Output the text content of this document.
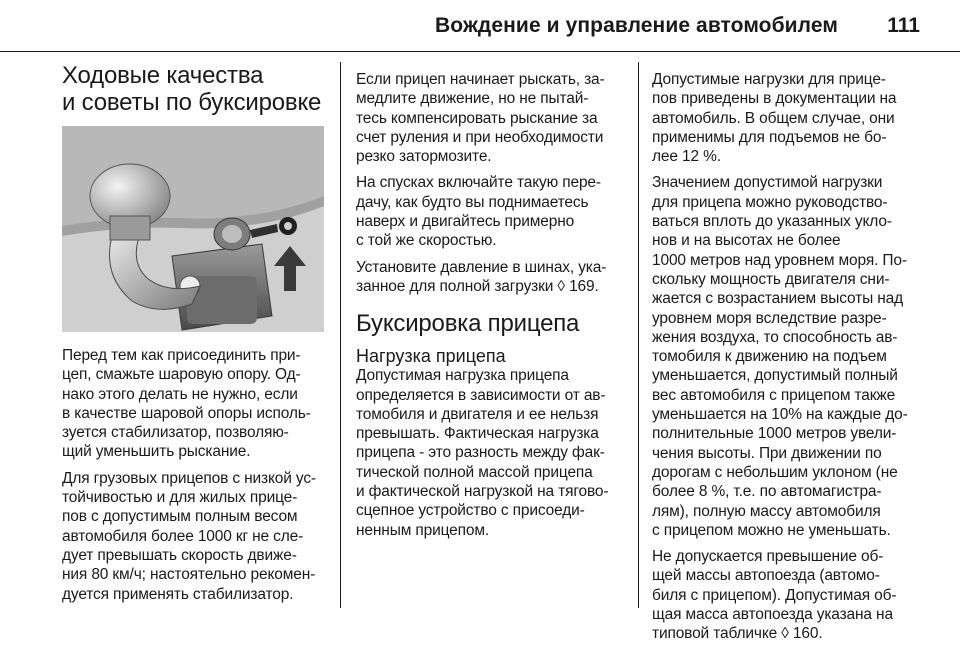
Вождение и управление автомобилем 111
Ходовые качества
и советы по буксировке

Перед тем как присоединить при-
цеп, смажьте шаровую опору. Од-
нако этого делать не нужно, если
в качестве шаровой опоры исполь-
зуется стабилизатор, позволяю-
щий уменьшить рыскание.

Для грузовых прицепов с низкой ус-
тойчивостью и для жилых прице-
пов с допустимым полным весом
автомобиля более 1000 кг не сле-
дует превышать скорость движе-
ния 80 км/ч; настоятельно рекомен-
дуется применять стабилизатор.

Если прицеп начинает рыскать, за-
медлите движение, но не пытай-
тесь компенсировать рыскание за
счет руления и при необходимости
резко затормозите.

На спусках включайте такую пере-
дачу, как будто вы поднимаетесь
наверх и двигайтесь примерно
с той же скоростью.

Установите давление в шинах, ука-
занное для полной загрузки ◊ 169.

Буксировка прицепа
Нагрузка прицепа

Допустимая нагрузка прицепа
определяется в зависимости от ав-
томобиля и двигателя и ее нельзя
превышать. Фактическая нагрузка
прицепа - это разность между фак-
тической полной массой прицепа
и фактической нагрузкой на тягово-
сцепное устройство с присоеди-
ненным прицепом.

Допустимые нагрузки для прице-
пов приведены в документации на
автомобиль. В общем случае, они
применимы для подъемов не бо-
лее 12 %.

Значением допустимой нагрузки
для прицепа можно руководство-
ваться вплоть до указанных укло-
нов и на высотах не более
1000 метров над уровнем моря. По-
скольку мощность двигателя сни-
жается с возрастанием высоты над
уровнем моря вследствие разре-
жения воздуха, то способность ав-
томобиля к движению на подъем
уменьшается, допустимый полный
вес автомобиля с прицепом также
уменьшается на 10% на каждые до-
полнительные 1000 метров увели-
чения высоты. При движении по
дорогам с небольшим уклоном (не
более 8 %, т.е. по автомагистра-
лям), полную массу автомобиля
с прицепом можно не уменьшать.

Не допускается превышение об-
щей массы автопоезда (автомо-
биля с прицепом). Допустимая об-
щая масса автопоезда указана на
типовой табличке ◊ 160.
